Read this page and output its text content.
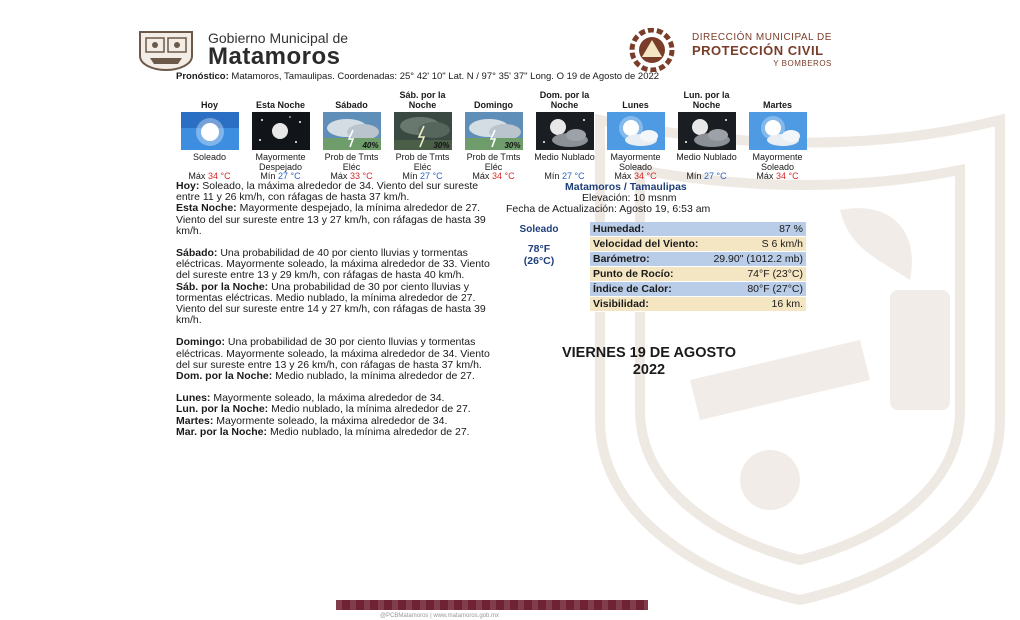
Gobierno Municipal de
Matamoros
DIRECCIÓN MUNICIPAL DE
PROTECCIÓN CIVIL
Y BOMBEROS
Pronóstico: Matamoros, Tamaulipas. Coordenadas: 25° 42' 10" Lat. N / 97° 35' 37" Long. O 19 de Agosto de 2022
Hoy
Soleado
Máx 34 °C
Esta Noche
Mayormente Despejado
Mín 27 °C
Sábado
40%
Prob de Tmts Eléc
Máx 33 °C
Sáb. por la Noche
30%
Prob de Tmts Eléc
Mín 27 °C
Domingo
30%
Prob de Tmts Eléc
Máx 34 °C
Dom. por la Noche
Medio Nublado
Mín 27 °C
Lunes
Mayormente Soleado
Máx 34 °C
Lun. por la Noche
Medio Nublado
Mín 27 °C
Martes
Mayormente Soleado
Máx 34 °C

Hoy: Soleado, la máxima alrededor de 34. Viento del sur sureste entre 11 y 26 km/h, con ráfagas de hasta 37 km/h.

Esta Noche: Mayormente despejado, la mínima alrededor de 27. Viento del sur sureste entre 13 y 27 km/h, con ráfagas de hasta 39 km/h.

Sábado: Una probabilidad de 40 por ciento lluvias y tormentas eléctricas. Mayormente soleado, la máxima alrededor de 33. Viento del sureste entre 13 y 29 km/h, con ráfagas de hasta 40 km/h.

Sáb. por la Noche: Una probabilidad de 30 por ciento lluvias y tormentas eléctricas. Medio nublado, la mínima alrededor de 27. Viento del sur sureste entre 14 y 27 km/h, con ráfagas de hasta 39 km/h.

Domingo: Una probabilidad de 30 por ciento lluvias y tormentas eléctricas. Mayormente soleado, la máxima alrededor de 34. Viento del sur sureste entre 13 y 26 km/h, con ráfagas de hasta 37 km/h.

Dom. por la Noche: Medio nublado, la mínima alrededor de 27.

Lunes: Mayormente soleado, la máxima alrededor de 34.

Lun. por la Noche: Medio nublado, la mínima alrededor de 27.

Martes: Mayormente soleado, la máxima alrededor de 34.

Mar. por la Noche: Medio nublado, la mínima alrededor de 27.

Matamoros / Tamaulipas
Elevación: 10 msnm
Fecha de Actualización: Agosto 19, 6:53 am
Soleado
78°F
(26°C)
Humedad:	87 %
Velocidad del Viento:	S 6 km/h
Barómetro:	29.90" (1012.2 mb)
Punto de Rocío:	74°F (23°C)
Índice de Calor:	80°F (27°C)
Visibilidad:	16 km.
VIERNES 19 DE AGOSTO 2022
@PCBMatamoros | www.matamoros.gob.mx
